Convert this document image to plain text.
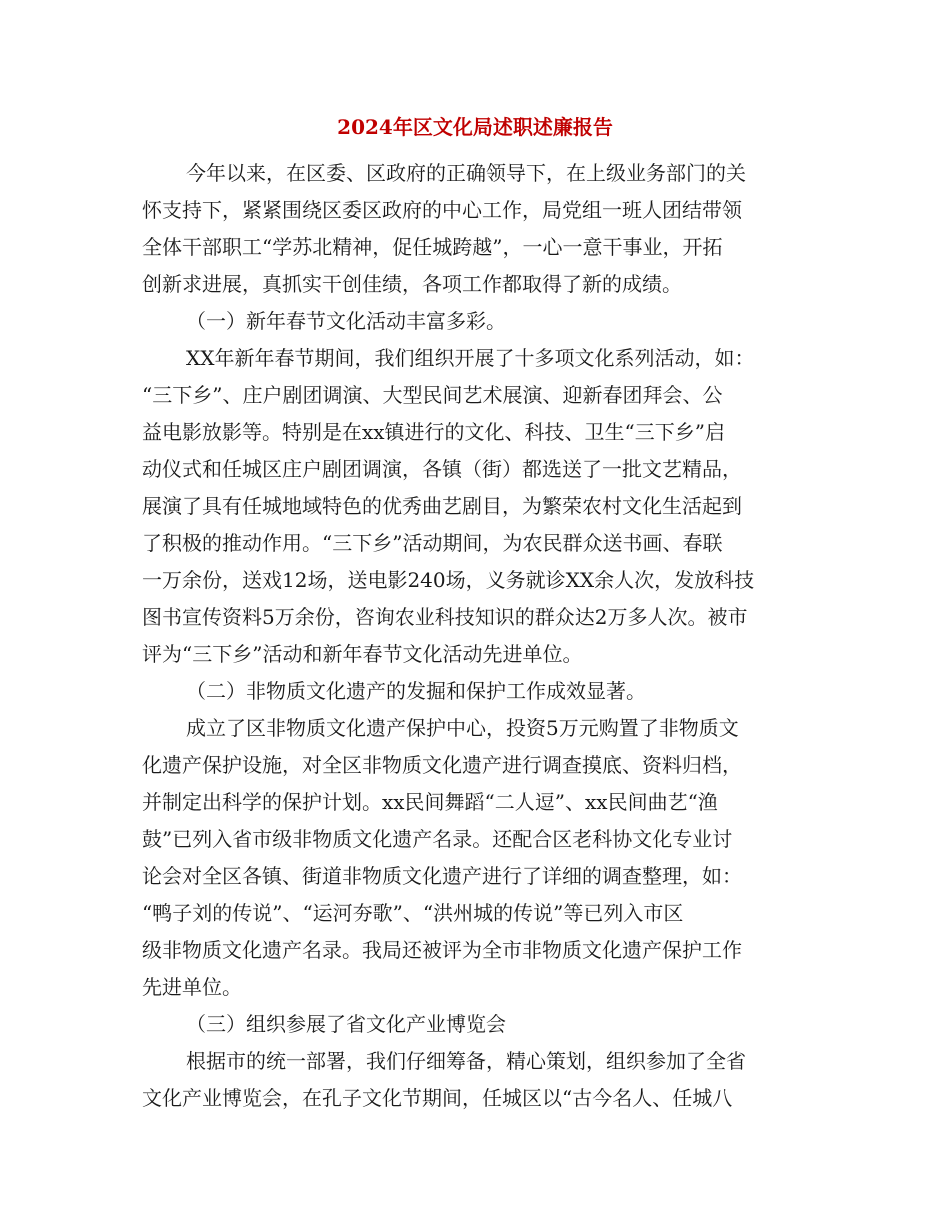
2024年区文化局述职述廉报告
今年以来，在区委、区政府的正确领导下，在上级业务部门的关
怀支持下，紧紧围绕区委区政府的中心工作，局党组一班人团结带领
全体干部职工“学苏北精神，促任城跨越”，一心一意干事业，开拓
创新求进展，真抓实干创佳绩，各项工作都取得了新的成绩。
（一）新年春节文化活动丰富多彩。
XX年新年春节期间，我们组织开展了十多项文化系列活动，如：
“三下乡”、庄户剧团调演、大型民间艺术展演、迎新春团拜会、公
益电影放影等。特别是在xx镇进行的文化、科技、卫生“三下乡”启
动仪式和任城区庄户剧团调演，各镇（街）都选送了一批文艺精品，
展演了具有任城地域特色的优秀曲艺剧目，为繁荣农村文化生活起到
了积极的推动作用。“三下乡”活动期间，为农民群众送书画、春联
一万余份，送戏12场，送电影240场，义务就诊XX余人次，发放科技
图书宣传资料5万余份，咨询农业科技知识的群众达2万多人次。被市
评为“三下乡”活动和新年春节文化活动先进单位。
（二）非物质文化遗产的发掘和保护工作成效显著。
成立了区非物质文化遗产保护中心，投资5万元购置了非物质文
化遗产保护设施，对全区非物质文化遗产进行调查摸底、资料归档，
并制定出科学的保护计划。xx民间舞蹈“二人逗”、xx民间曲艺“渔
鼓”已列入省市级非物质文化遗产名录。还配合区老科协文化专业讨
论会对全区各镇、街道非物质文化遗产进行了详细的调查整理，如：
“鸭子刘的传说”、“运河夯歌”、“洪州城的传说”等已列入市区
级非物质文化遗产名录。我局还被评为全市非物质文化遗产保护工作
先进单位。
（三）组织参展了省文化产业博览会
根据市的统一部署，我们仔细筹备，精心策划，组织参加了全省
文化产业博览会，在孔子文化节期间，任城区以“古今名人、任城八
